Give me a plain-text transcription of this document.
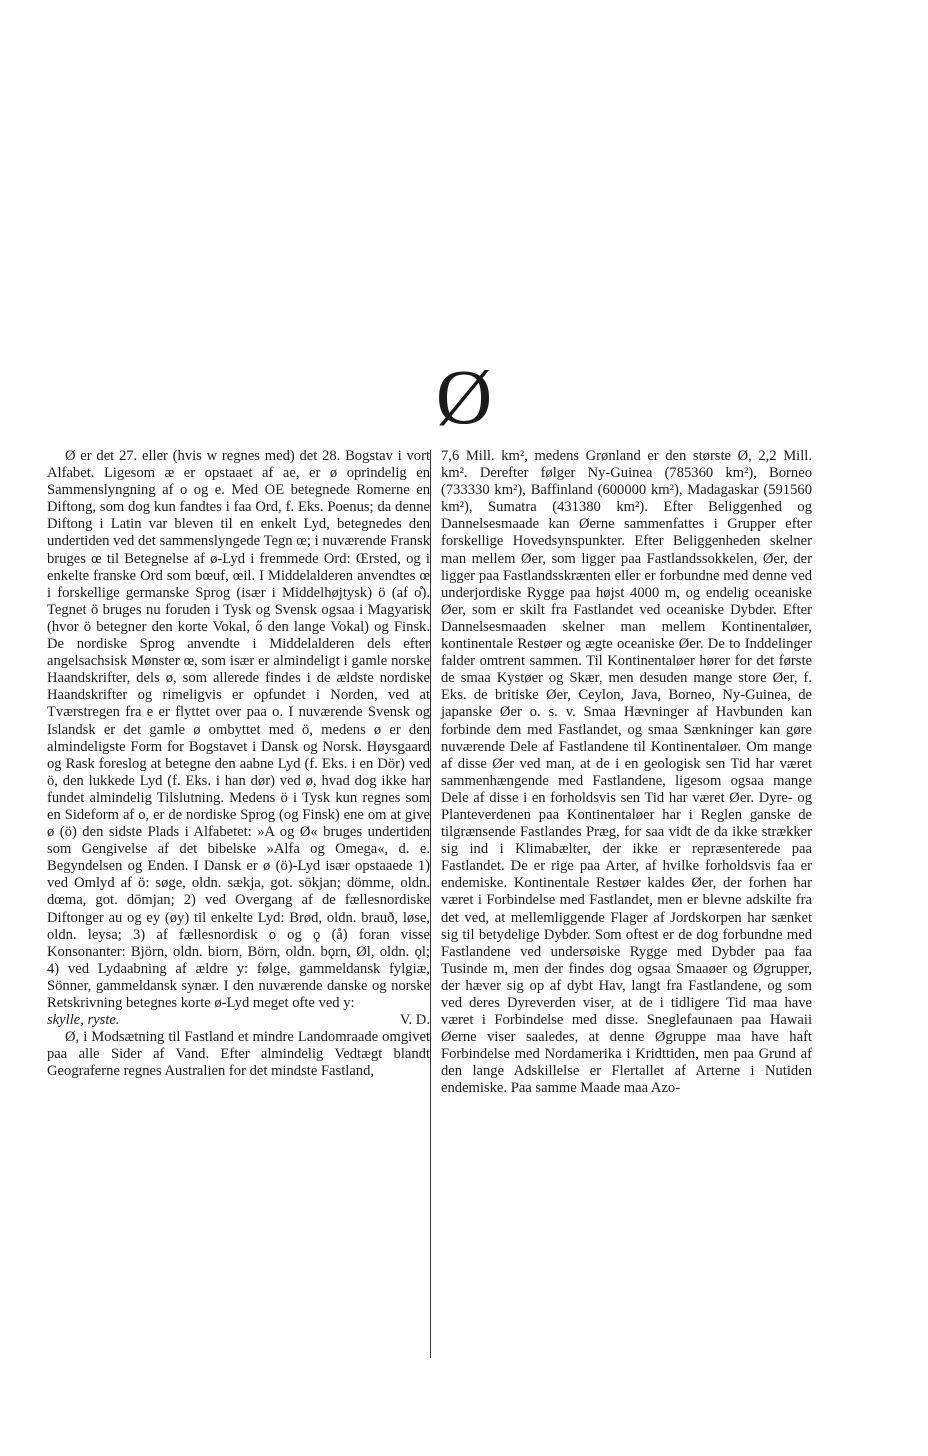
Ø

Ø er det 27. eller (hvis w regnes med) det 28. Bogstav i vort Alfabet. Ligesom æ er opstaaet af ae, er ø oprindelig en Sammenslyngning af o og e. Med OE betegnede Romerne en Diftong, som dog kun fandtes i faa Ord, f. Eks. Poenus; da denne Diftong i Latin var bleven til en enkelt Lyd, betegnedes den undertiden ved det sammenslyngede Tegn œ; i nuværende Fransk bruges œ til Betegnelse af ø-Lyd i fremmede Ord: Œrsted, og i enkelte franske Ord som bœuf, œil. I Middelalderen anvendtes œ i forskellige germanske Sprog (især i Middelhøjtysk) ö (af o̊). Tegnet ö bruges nu foruden i Tysk og Svensk ogsaa i Magyarisk (hvor ö betegner den korte Vokal, ő den lange Vokal) og Finsk. De nordiske Sprog anvendte i Middelalderen dels efter angelsachsisk Mønster œ, som især er almindeligt i gamle norske Haandskrifter, dels ø, som allerede findes i de ældste nordiske Haandskrifter og rimeligvis er opfundet i Norden, ved at Tværstregen fra e er flyttet over paa o. I nuværende Svensk og Islandsk er det gamle ø ombyttet med ö, medens ø er den almindeligste Form for Bogstavet i Dansk og Norsk. Høysgaard og Rask foreslog at betegne den aabne Lyd (f. Eks. i en Dör) ved ö, den lukkede Lyd (f. Eks. i han dør) ved ø, hvad dog ikke har fundet almindelig Tilslutning. Medens ö i Tysk kun regnes som en Sideform af o, er de nordiske Sprog (og Finsk) ene om at give ø (ö) den sidste Plads i Alfabetet: »A og Ø« bruges undertiden som Gengivelse af det bibelske »Alfa og Omega«, d. e. Begyndelsen og Enden. I Dansk er ø (ö)-Lyd især opstaaede 1) ved Omlyd af ö: søge, oldn. sækja, got. sōkjan; dömme, oldn. dœma, got. dōmjan; 2) ved Overgang af de fællesnordiske Diftonger au og ey (øy) til enkelte Lyd: Brød, oldn. brauð, løse, oldn. leysa; 3) af fællesnordisk o og ǫ (å) foran visse Konsonanter: Björn, oldn. biorn, Börn, oldn. bǫrn, Øl, oldn. ǫl; 4) ved Lydaabning af ældre y: følge, gammeldansk fylgiæ, Sönner, gammeldansk synær. I den nuværende danske og norske Retskrivning betegnes korte ø-Lyd meget ofte ved y:

skylle, ryste.	V. D.

Ø, i Modsætning til Fastland et mindre Landomraade omgivet paa alle Sider af Vand. Efter almindelig Vedtægt blandt Geograferne regnes Australien for det mindste Fastland,

7,6 Mill. km², medens Grønland er den største Ø, 2,2 Mill. km². Derefter følger Ny-Guinea (785360 km²), Borneo (733330 km²), Baffinland (600000 km²), Madagaskar (591560 km²), Sumatra (431380 km²). Efter Beliggenhed og Dannelsesmaade kan Øerne sammenfattes i Grupper efter forskellige Hovedsynspunkter. Efter Beliggenheden skelner man mellem Øer, som ligger paa Fastlandssokkelen, Øer, der ligger paa Fastlandsskrænten eller er forbundne med denne ved underjordiske Rygge paa højst 4000 m, og endelig oceaniske Øer, som er skilt fra Fastlandet ved oceaniske Dybder. Efter Dannelsesmaaden skelner man mellem Kontinentaløer, kontinentale Restøer og ægte oceaniske Øer. De to Inddelinger falder omtrent sammen. Til Kontinentaløer hører for det første de smaa Kystøer og Skær, men desuden mange store Øer, f. Eks. de britiske Øer, Ceylon, Java, Borneo, Ny-Guinea, de japanske Øer o. s. v. Smaa Hævninger af Havbunden kan forbinde dem med Fastlandet, og smaa Sænkninger kan gøre nuværende Dele af Fastlandene til Kontinentaløer. Om mange af disse Øer ved man, at de i en geologisk sen Tid har været sammenhængende med Fastlandene, ligesom ogsaa mange Dele af disse i en forholdsvis sen Tid har været Øer. Dyre- og Planteverdenen paa Kontinentaløer har i Reglen ganske de tilgrænsende Fastlandes Præg, for saa vidt de da ikke strækker sig ind i Klimabælter, der ikke er repræsenterede paa Fastlandet. De er rige paa Arter, af hvilke forholdsvis faa er endemiske. Kontinentale Restøer kaldes Øer, der forhen har været i Forbindelse med Fastlandet, men er blevne adskilte fra det ved, at mellemliggende Flager af Jordskorpen har sænket sig til betydelige Dybder. Som oftest er de dog forbundne med Fastlandene ved undersøiske Rygge med Dybder paa faa Tusinde m, men der findes dog ogsaa Smaaøer og Øgrupper, der hæver sig op af dybt Hav, langt fra Fastlandene, og som ved deres Dyreverden viser, at de i tidligere Tid maa have været i Forbindelse med disse. Sneglefaunaen paa Hawaii Øerne viser saaledes, at denne Øgruppe maa have haft Forbindelse med Nordamerika i Kridttiden, men paa Grund af den lange Adskillelse er Flertallet af Arterne i Nutiden endemiske. Paa samme Maade maa Azo-
